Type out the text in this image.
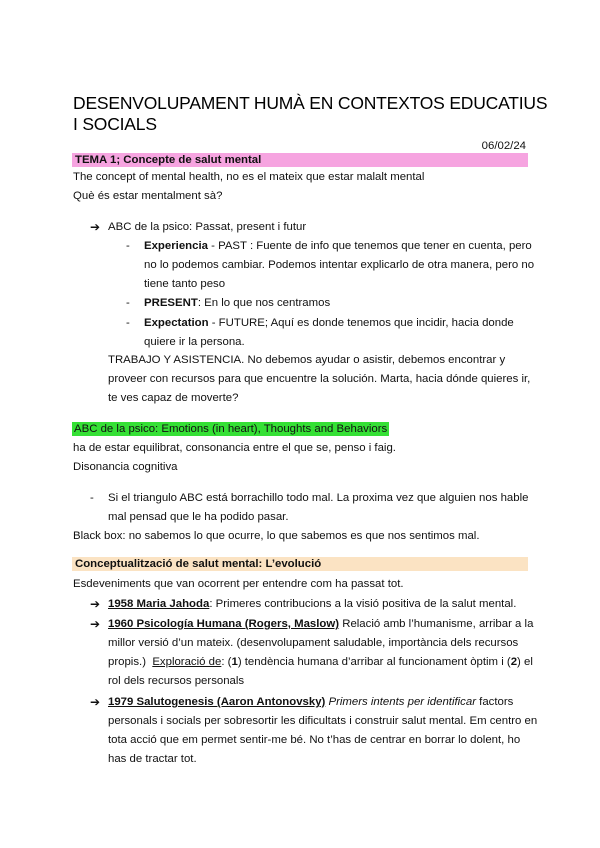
DESENVOLUPAMENT HUMÀ EN CONTEXTOS EDUCATIUS
I SOCIALS
06/02/24
TEMA 1; Concepte de salut mental
The concept of mental health, no es el mateix que estar malalt mental
Què és estar mentalment sà?
➔ ABC de la psico: Passat, present i futur
- Experiencia - PAST : Fuente de info que tenemos que tener en cuenta, pero
no lo podemos cambiar. Podemos intentar explicarlo de otra manera, pero no
tiene tanto peso
- PRESENT: En lo que nos centramos
- Expectation - FUTURE; Aquí es donde tenemos que incidir, hacia donde
quiere ir la persona.
TRABAJO Y ASISTENCIA. No debemos ayudar o asistir, debemos encontrar y
proveer con recursos para que encuentre la solución. Marta, hacia dónde quieres ir,
te ves capaz de moverte?
ABC de la psico: Emotions (in heart), Thoughts and Behaviors
ha de estar equilibrat, consonancia entre el que se, penso i faig.
Disonancia cognitiva
- Si el triangulo ABC está borrachillo todo mal. La proxima vez que alguien nos hable
mal pensad que le ha podido pasar.
Black box: no sabemos lo que ocurre, lo que sabemos es que nos sentimos mal.
Conceptualització de salut mental: L’evolució
Esdeveniments que van ocorrent per entendre com ha passat tot.
➔ 1958 Maria Jahoda: Primeres contribucions a la visió positiva de la salut mental.
➔ 1960 Psicología Humana (Rogers, Maslow) Relació amb l’humanisme, arribar a la
millor versió d’un mateix. (desenvolupament saludable, importància dels recursos
propis.)  Exploració de: (1) tendència humana d’arribar al funcionament òptim i (2) el
rol dels recursos personals
➔ 1979 Salutogenesis (Aaron Antonovsky) Primers intents per identificar factors
personals i socials per sobresortir les dificultats i construir salut mental. Em centro en
tota acció que em permet sentir-me bé. No t’has de centrar en borrar lo dolent, ho
has de tractar tot.
